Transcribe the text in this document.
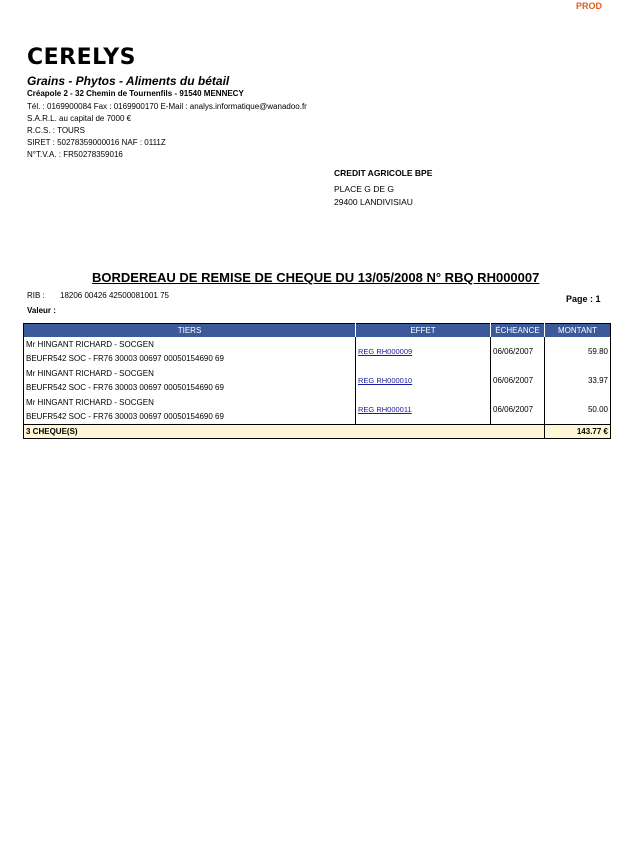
PROD
CERELYS
Grains - Phytos - Aliments du bétail
Créapole 2 - 32 Chemin de Tournenfils - 91540 MENNECY
Tél. : 0169900084 Fax : 0169900170 E-Mail : analys.informatique@wanadoo.fr
S.A.R.L. au capital de 7000 €
R.C.S. : TOURS
SIRET : 50278359000016 NAF : 0111Z
N°T.V.A. : FR50278359016
CREDIT AGRICOLE BPE
PLACE G DE G
29400 LANDIVISIAU
BORDEREAU DE REMISE DE CHEQUE DU 13/05/2008 N° RBQ RH000007
RIB : 18206 00426 42500081001 75
Valeur :
Page : 1
TIERS	EFFET	ÉCHEANCE	MONTANT

Mr HINGANT RICHARD - SOCGEN
BEUFR542 SOC - FR76 30003 00697 00050154690 69	REG RH000009	06/06/2007	59.80

Mr HINGANT RICHARD - SOCGEN
BEUFR542 SOC - FR76 30003 00697 00050154690 69	REG RH000010	06/06/2007	33.97

Mr HINGANT RICHARD - SOCGEN
BEUFR542 SOC - FR76 30003 00697 00050154690 69	REG RH000011	06/06/2007	50.00
3 CHEQUE(S)			143.77 €
